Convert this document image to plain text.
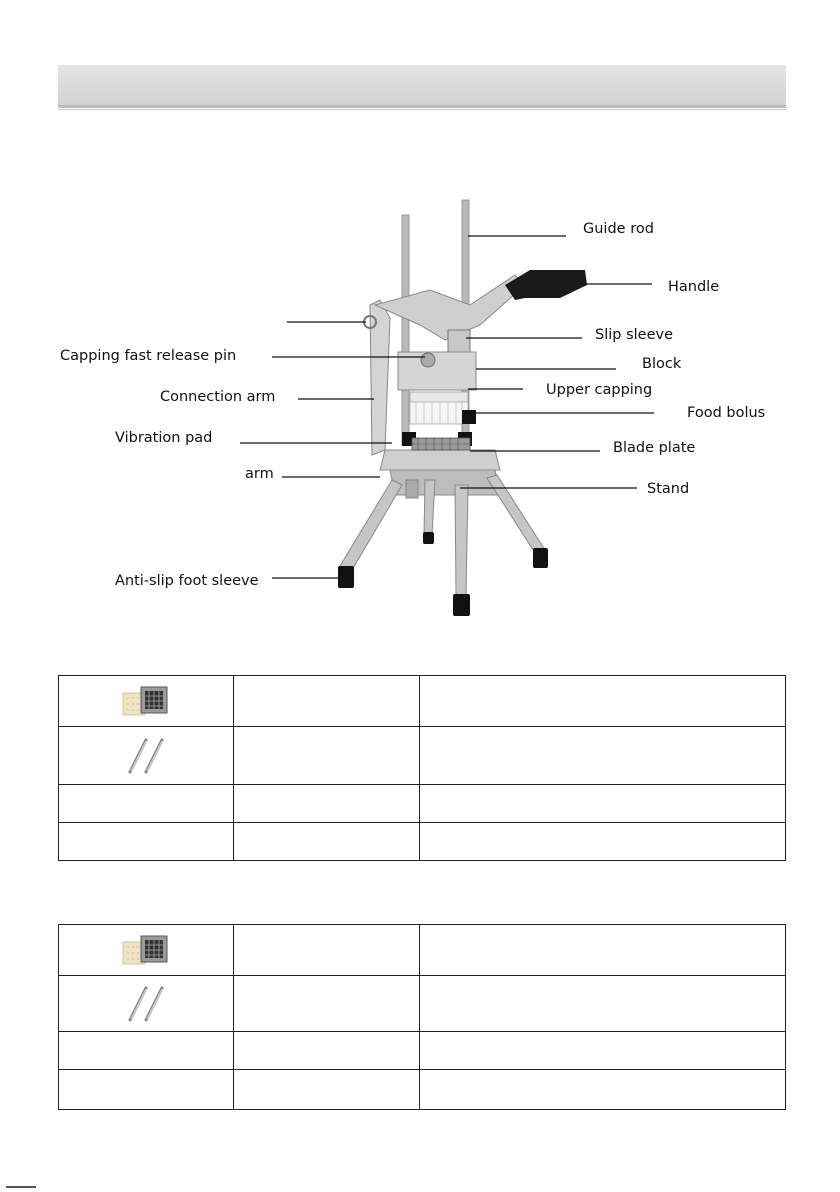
Guide rod
Handle
Slip sleeve
Block
Upper capping
Food bolus
Blade plate
Stand
Capping fast release pin
Connection arm
Vibration pad
arm
Anti-slip foot sleeve
